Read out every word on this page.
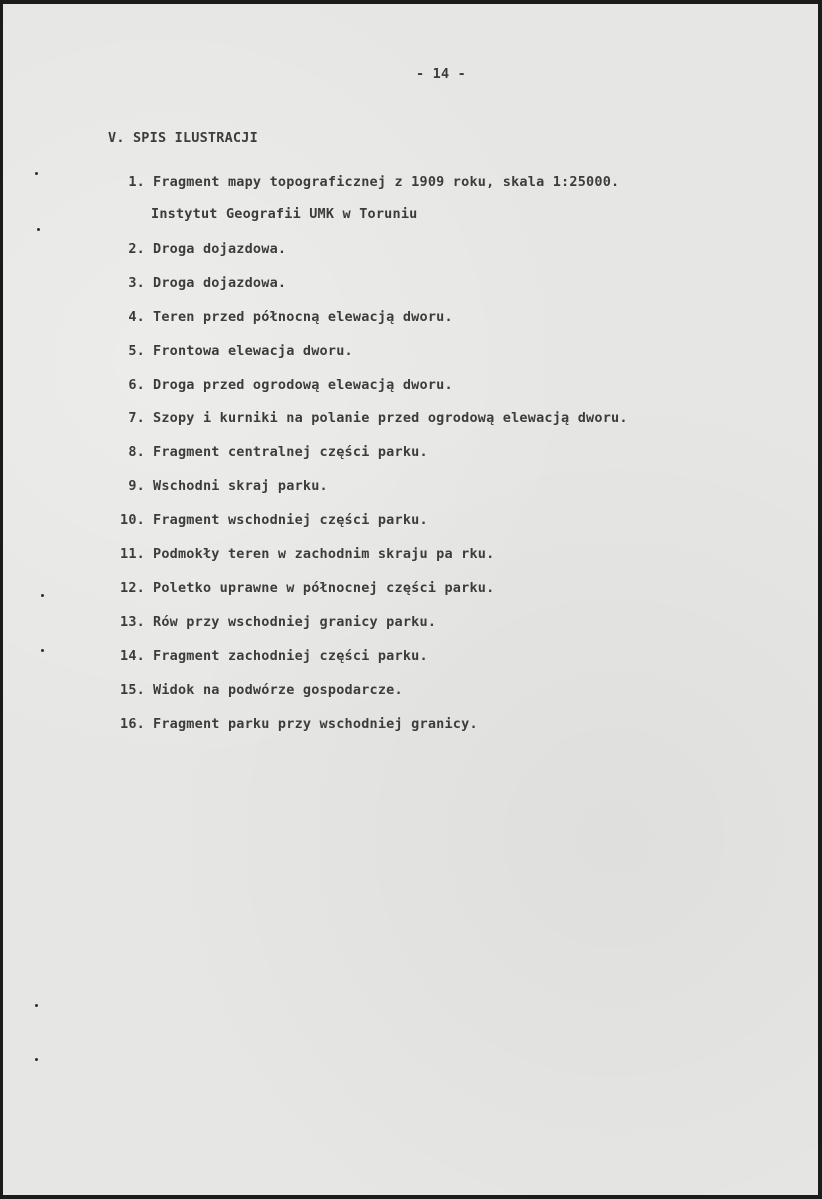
- 14 -
V. SPIS ILUSTRACJI
1. Fragment mapy topograficznej z 1909 roku, skala 1:25000.
Instytut Geografii UMK w Toruniu
2. Droga dojazdowa.
3. Droga dojazdowa.
4. Teren przed północną elewacją dworu.
5. Frontowa elewacja dworu.
6. Droga przed ogrodową elewacją dworu.
7. Szopy i kurniki na polanie przed ogrodową elewacją dworu.
8. Fragment centralnej części parku.
9. Wschodni skraj parku.
10. Fragment wschodniej części parku.
11. Podmokły teren w zachodnim skraju pa rku.
12. Poletko uprawne w północnej części parku.
13. Rów przy wschodniej granicy parku.
14. Fragment zachodniej części parku.
15. Widok na podwórze gospodarcze.
16. Fragment parku przy wschodniej granicy.
